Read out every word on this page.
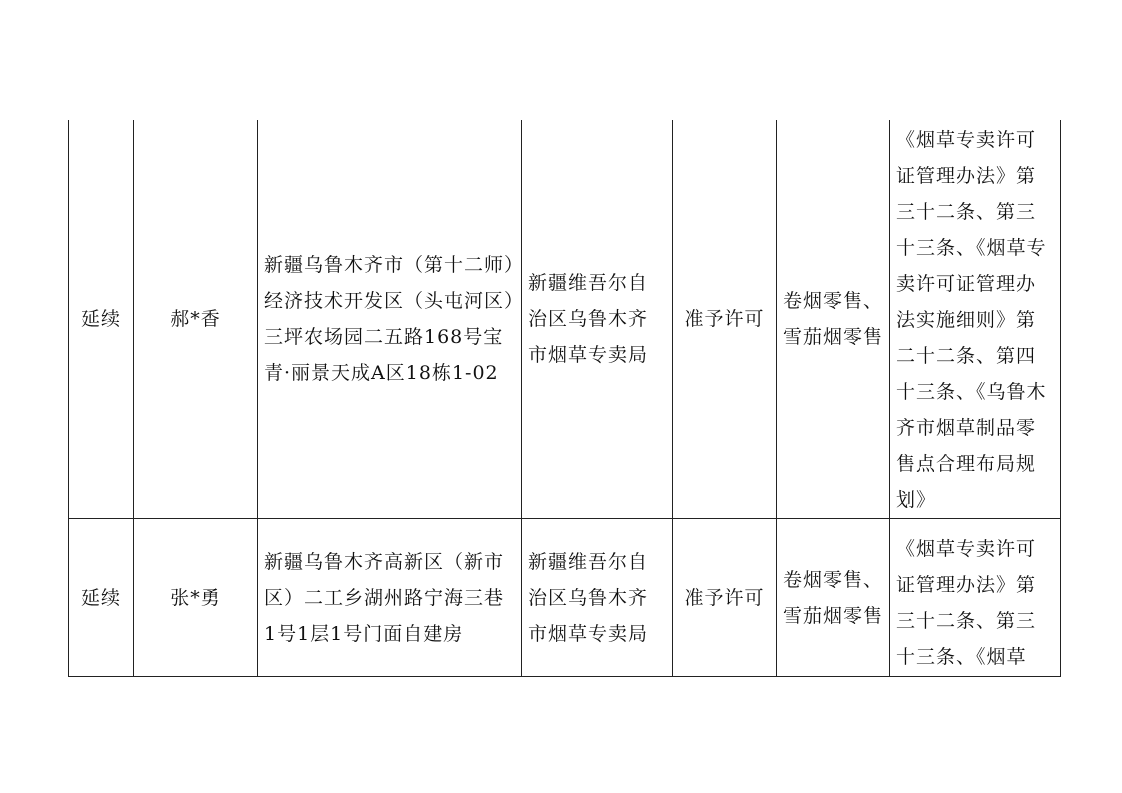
延续	郝*香	新疆乌鲁木齐市（第十二师）经济技术开发区（头屯河区）三坪农场园二五路168号宝青·丽景天成A区18栋1-02	新疆维吾尔自治区乌鲁木齐市烟草专卖局	准予许可	卷烟零售、雪茄烟零售	《烟草专卖许可证管理办法》第三十二条、第三十三条、《烟草专卖许可证管理办法实施细则》第二十二条、第四十三条、《乌鲁木齐市烟草制品零售点合理布局规划》
延续	张*勇	新疆乌鲁木齐高新区（新市区）二工乡湖州路宁海三巷1号1层1号门面自建房	新疆维吾尔自治区乌鲁木齐市烟草专卖局	准予许可	卷烟零售、雪茄烟零售	《烟草专卖许可证管理办法》第三十二条、第三十三条、《烟草
